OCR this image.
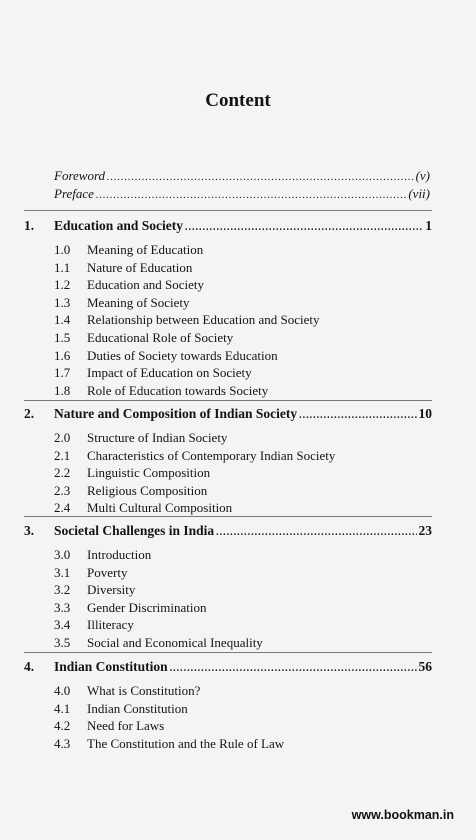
Content
Foreword .....	(v)
Preface .....	(vii)
1.	Education and Society .....	1
1.0 Meaning of Education
1.1 Nature of Education
1.2 Education and Society
1.3 Meaning of Society
1.4 Relationship between Education and Society
1.5 Educational Role of Society
1.6 Duties of Society towards Education
1.7 Impact of Education on Society
1.8 Role of Education towards Society
2.	Nature and Composition of Indian Society .....	10
2.0 Structure of Indian Society
2.1 Characteristics of Contemporary Indian Society
2.2 Linguistic Composition
2.3 Religious Composition
2.4 Multi Cultural Composition
3.	Societal Challenges in India .....	23
3.0 Introduction
3.1 Poverty
3.2 Diversity
3.3 Gender Discrimination
3.4 Illiteracy
3.5 Social and Economical Inequality
4.	Indian Constitution .....	56
4.0 What is Constitution?
4.1 Indian Constitution
4.2 Need for Laws
4.3 The Constitution and the Rule of Law
www.bookman.in
